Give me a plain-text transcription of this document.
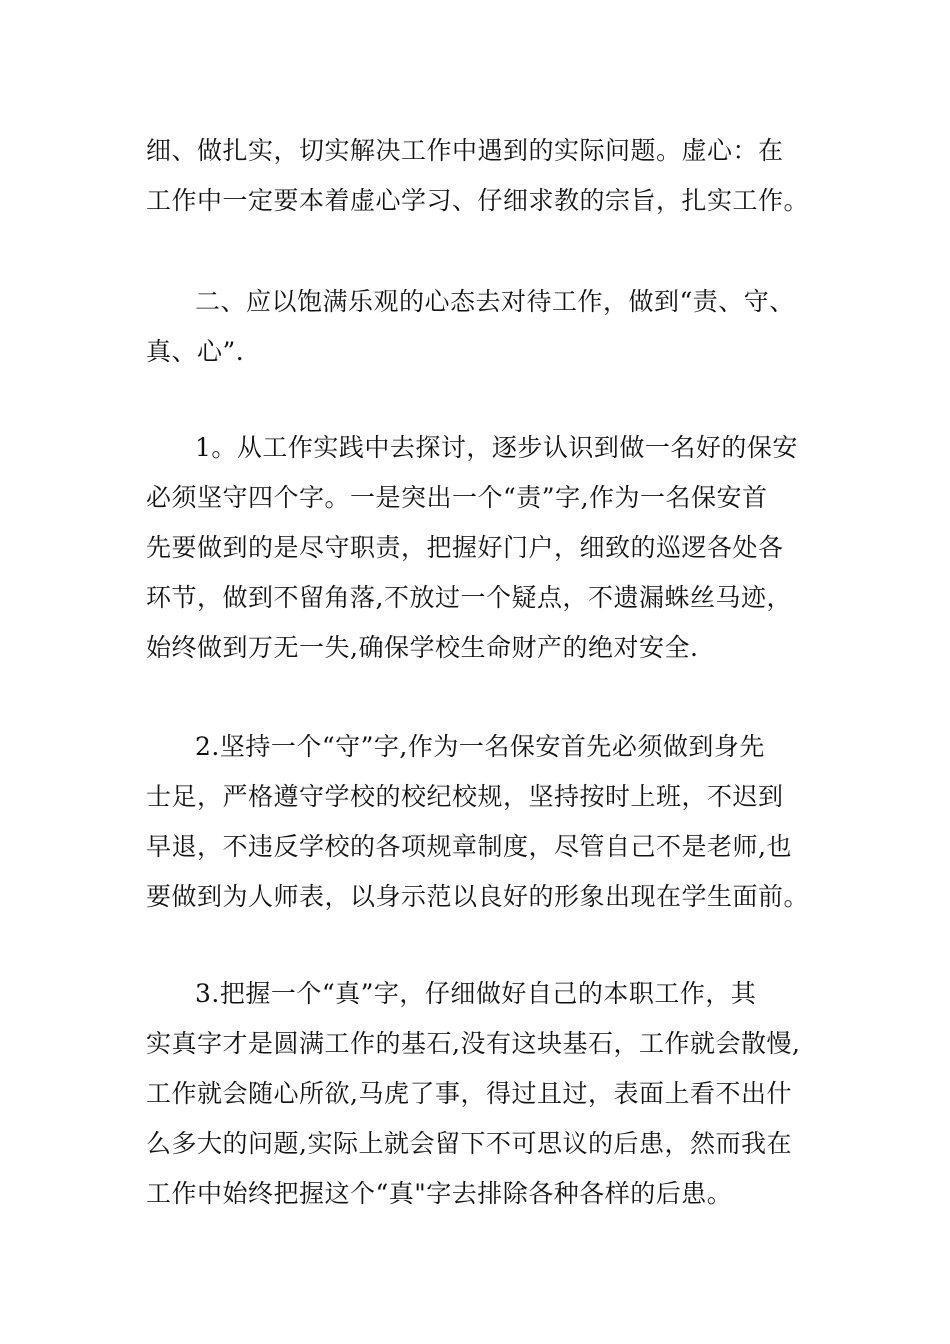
细、做扎实，切实解决工作中遇到的实际问题。虚心：在
工作中一定要本着虚心学习、仔细求教的宗旨，扎实工作。
二、应以饱满乐观的心态去对待工作，做到“责、守、
真、心”.
1。从工作实践中去探讨，逐步认识到做一名好的保安
必须坚守四个字。一是突出一个“责”字,作为一名保安首
先要做到的是尽守职责，把握好门户，细致的巡逻各处各
环节，做到不留角落,不放过一个疑点，不遗漏蛛丝马迹，
始终做到万无一失,确保学校生命财产的绝对安全.
2.坚持一个“守”字,作为一名保安首先必须做到身先
士足，严格遵守学校的校纪校规，坚持按时上班，不迟到
早退，不违反学校的各项规章制度，尽管自己不是老师,也
要做到为人师表，以身示范以良好的形象出现在学生面前。
3.把握一个“真”字，仔细做好自己的本职工作，其
实真字才是圆满工作的基石,没有这块基石，工作就会散慢,
工作就会随心所欲,马虎了事，得过且过，表面上看不出什
么多大的问题,实际上就会留下不可思议的后患，然而我在
工作中始终把握这个“真"字去排除各种各样的后患。
